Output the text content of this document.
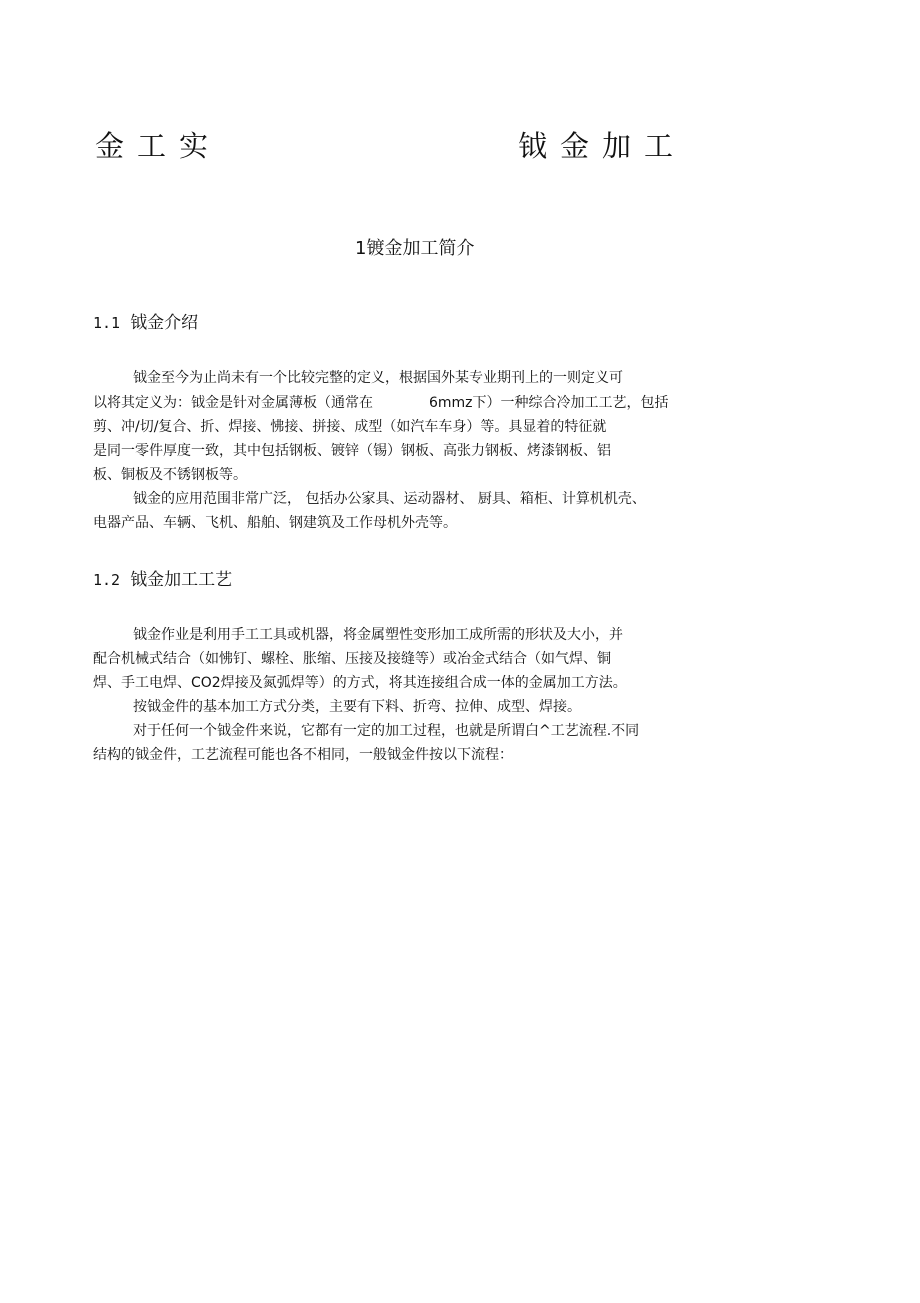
金工实	钺金加工
1镀金加工简介
1.1 钺金介绍
钺金至今为止尚未有一个比较完整的定义，根据国外某专业期刊上的一则定义可
以将其定义为：钺金是针对金属薄板（通常在	6mmz下）一种综合冷加工工艺，包括
剪、冲/切/复合、折、焊接、怫接、拼接、成型（如汽车车身）等。具显着的特征就
是同一零件厚度一致，其中包括钢板、镀锌（锡）钢板、高张力钢板、烤漆钢板、铝
板、铜板及不锈钢板等。
钺金的应用范围非常广泛， 包括办公家具、运动器材、 厨具、箱柜、计算机机壳、
电器产品、车辆、飞机、船舶、钢建筑及工作母机外壳等。
1.2 钺金加工工艺
钺金作业是利用手工工具或机器，将金属塑性变形加工成所需的形状及大小，并
配合机械式结合（如怫钉、螺栓、胀缩、压接及接缝等）或冶金式结合（如气焊、铜
焊、手工电焊、CO2焊接及氮弧焊等）的方式，将其连接组合成一体的金属加工方法。
按钺金件的基本加工方式分类，主要有下料、折弯、拉伸、成型、焊接。
对于任何一个钺金件来说，它都有一定的加工过程，也就是所谓白^工艺流程.不同
结构的钺金件，工艺流程可能也各不相同，一般钺金件按以下流程：
